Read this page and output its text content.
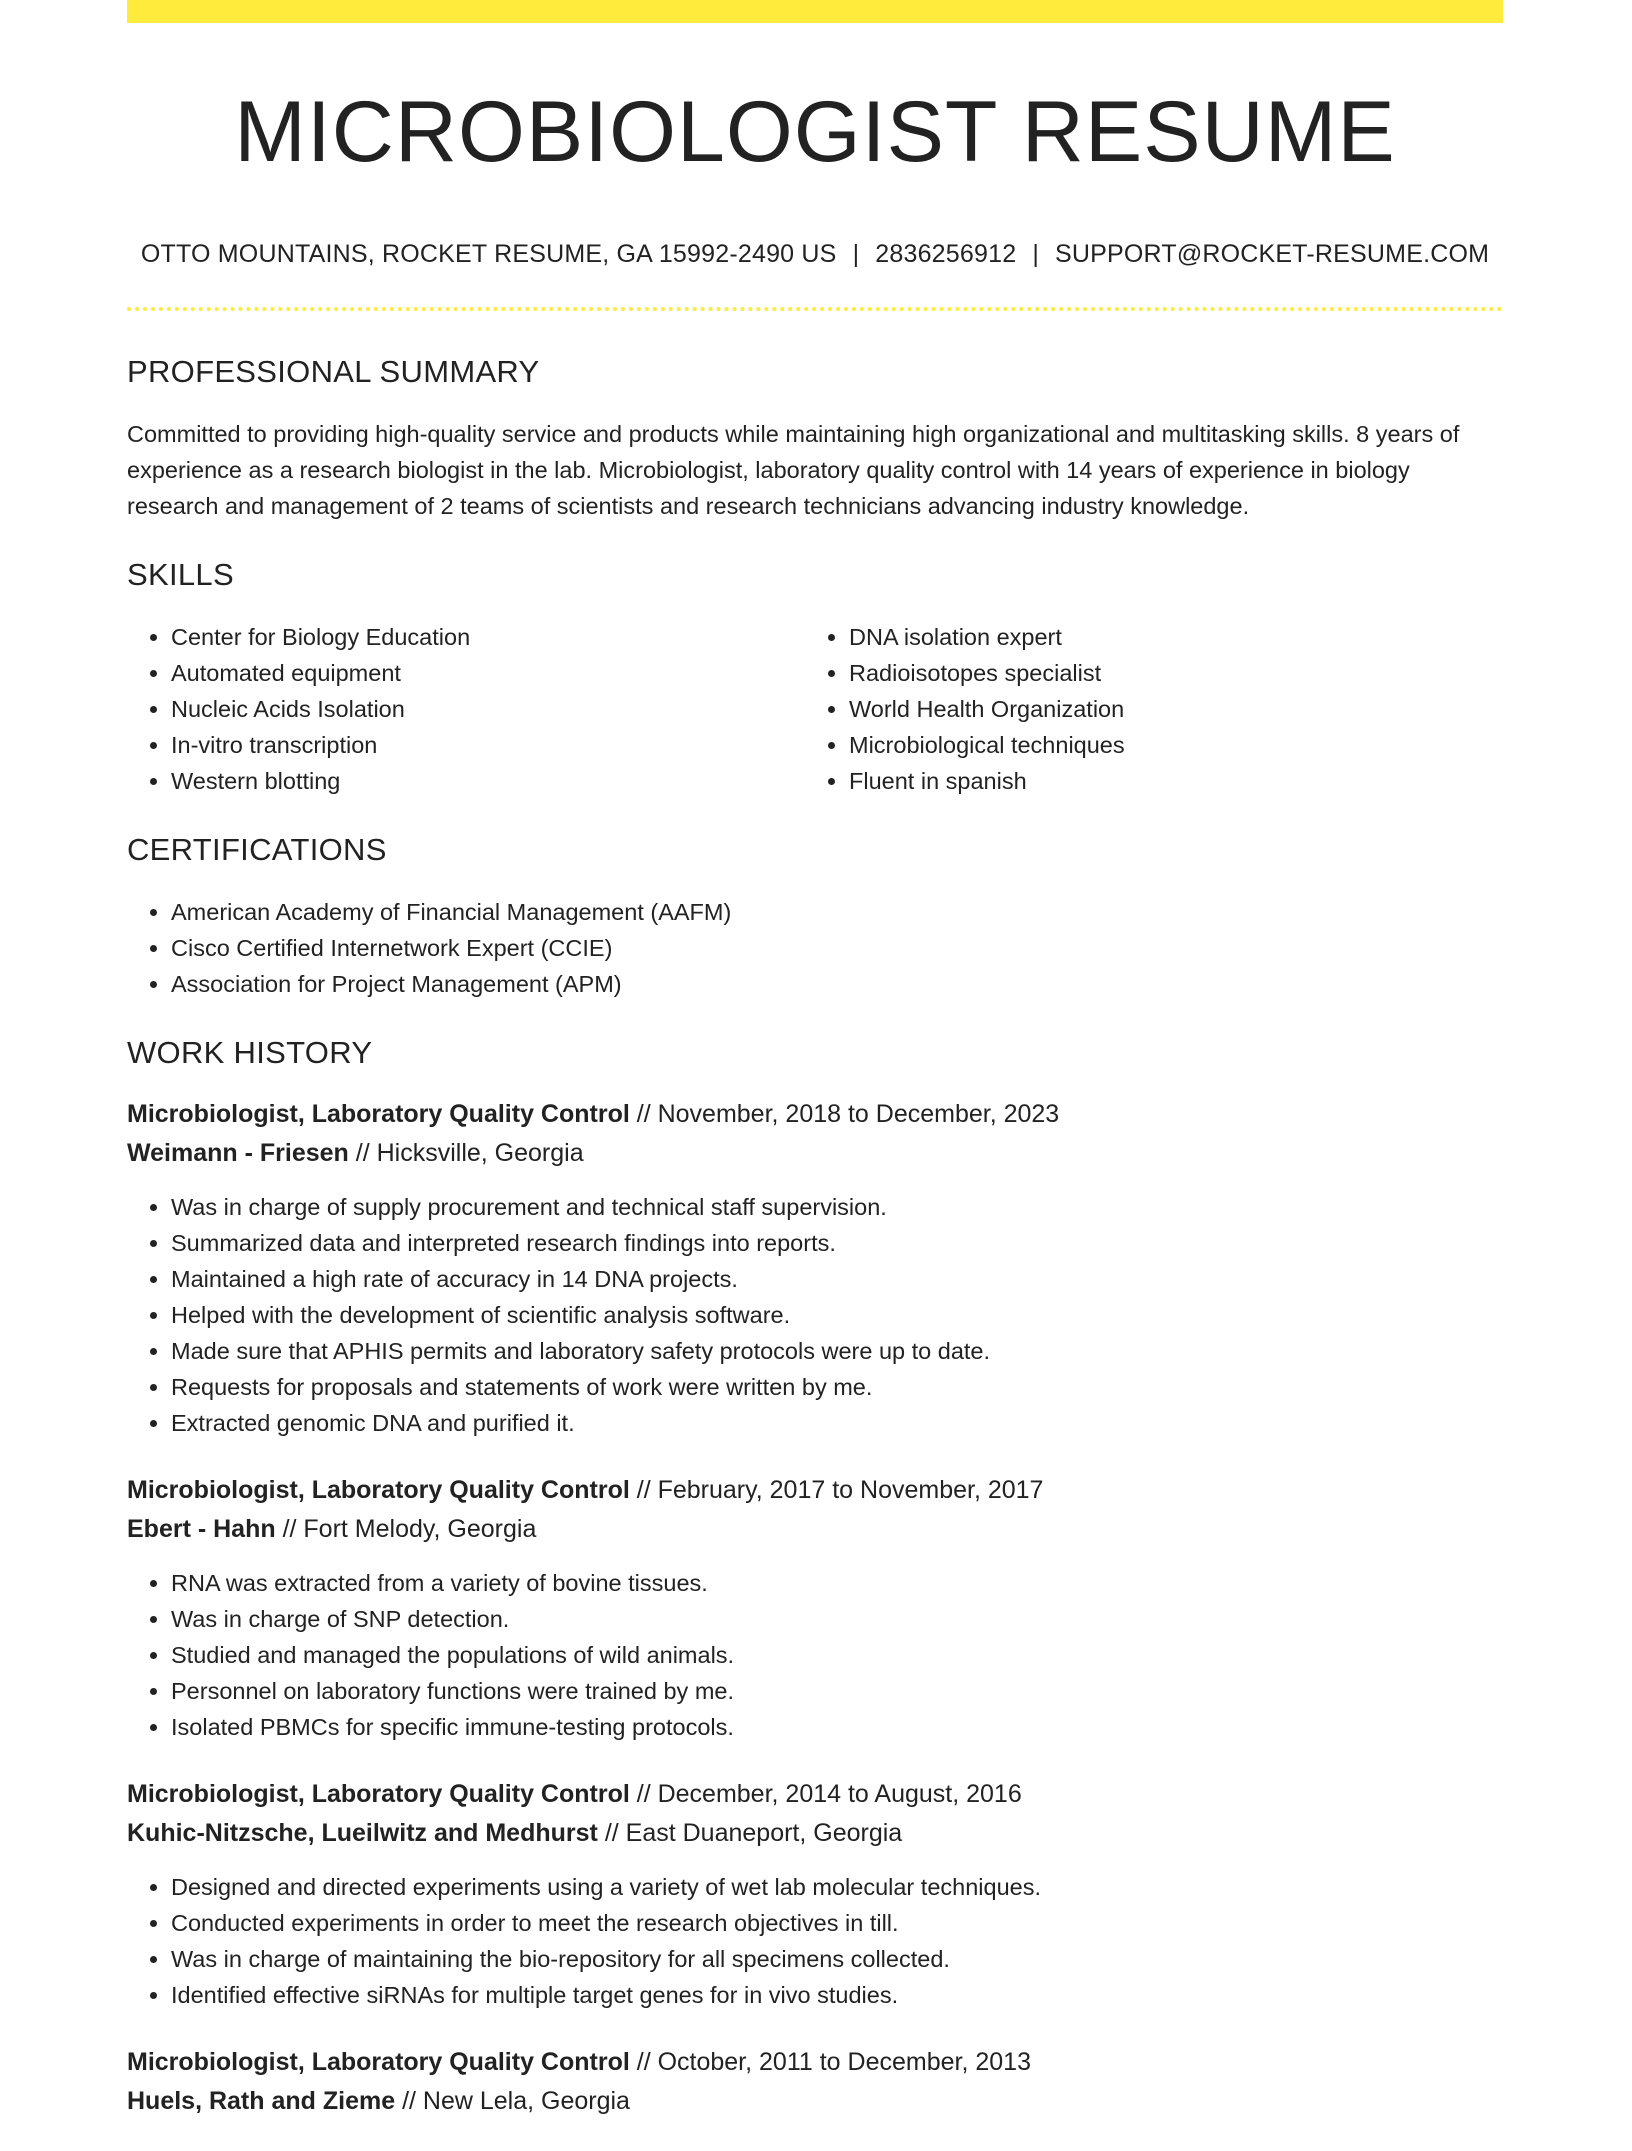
MICROBIOLOGIST RESUME
OTTO MOUNTAINS, ROCKET RESUME, GA 15992-2490 US | 2836256912 | SUPPORT@ROCKET-RESUME.COM
PROFESSIONAL SUMMARY

Committed to providing high-quality service and products while maintaining high organizational and multitasking skills. 8 years of experience as a research biologist in the lab. Microbiologist, laboratory quality control with 14 years of experience in biology research and management of 2 teams of scientists and research technicians advancing industry knowledge.

SKILLS
• Center for Biology Education
• Automated equipment
• Nucleic Acids Isolation
• In-vitro transcription
• Western blotting
• DNA isolation expert
• Radioisotopes specialist
• World Health Organization
• Microbiological techniques
• Fluent in spanish
CERTIFICATIONS
• American Academy of Financial Management (AAFM)
• Cisco Certified Internetwork Expert (CCIE)
• Association for Project Management (APM)
WORK HISTORY
Microbiologist, Laboratory Quality Control // November, 2018 to December, 2023
Weimann - Friesen // Hicksville, Georgia
• Was in charge of supply procurement and technical staff supervision.
• Summarized data and interpreted research findings into reports.
• Maintained a high rate of accuracy in 14 DNA projects.
• Helped with the development of scientific analysis software.
• Made sure that APHIS permits and laboratory safety protocols were up to date.
• Requests for proposals and statements of work were written by me.
• Extracted genomic DNA and purified it.
Microbiologist, Laboratory Quality Control // February, 2017 to November, 2017
Ebert - Hahn // Fort Melody, Georgia
• RNA was extracted from a variety of bovine tissues.
• Was in charge of SNP detection.
• Studied and managed the populations of wild animals.
• Personnel on laboratory functions were trained by me.
• Isolated PBMCs for specific immune-testing protocols.
Microbiologist, Laboratory Quality Control // December, 2014 to August, 2016
Kuhic-Nitzsche, Lueilwitz and Medhurst // East Duaneport, Georgia
• Designed and directed experiments using a variety of wet lab molecular techniques.
• Conducted experiments in order to meet the research objectives in till.
• Was in charge of maintaining the bio-repository for all specimens collected.
• Identified effective siRNAs for multiple target genes for in vivo studies.
Microbiologist, Laboratory Quality Control // October, 2011 to December, 2013
Huels, Rath and Zieme // New Lela, Georgia
